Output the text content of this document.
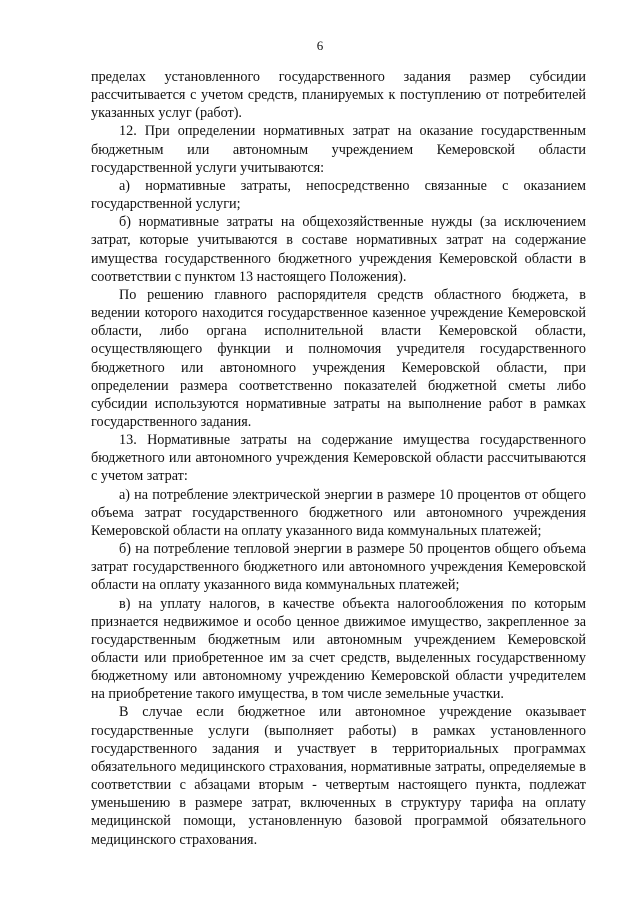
6

пределах установленного государственного задания размер субсидии рассчитывается с учетом средств, планируемых к поступлению от потребителей указанных услуг (работ).

12. При определении нормативных затрат на оказание государственным бюджетным или автономным учреждением Кемеровской области государственной услуги учитываются:

а) нормативные затраты, непосредственно связанные с оказанием государственной услуги;

б) нормативные затраты на общехозяйственные нужды (за исключением затрат, которые учитываются в составе нормативных затрат на содержание имущества государственного бюджетного учреждения Кемеровской области в соответствии с пунктом 13 настоящего Положения).

По решению главного распорядителя средств областного бюджета, в ведении которого находится государственное казенное учреждение Кемеровской области, либо органа исполнительной власти Кемеровской области, осуществляющего функции и полномочия учредителя государственного бюджетного или автономного учреждения Кемеровской области, при определении размера соответственно показателей бюджетной сметы либо субсидии используются нормативные затраты на выполнение работ в рамках государственного задания.

13. Нормативные затраты на содержание имущества государственного бюджетного или автономного учреждения Кемеровской области рассчитываются с учетом затрат:

а) на потребление электрической энергии в размере 10 процентов от общего объема затрат государственного бюджетного или автономного учреждения Кемеровской области на оплату указанного вида коммунальных платежей;

б) на потребление тепловой энергии в размере 50 процентов общего объема затрат государственного бюджетного или автономного учреждения Кемеровской области на оплату указанного вида коммунальных платежей;

в) на уплату налогов, в качестве объекта налогообложения по которым признается недвижимое и особо ценное движимое имущество, закрепленное за государственным бюджетным или автономным учреждением Кемеровской области или приобретенное им за счет средств, выделенных государственному бюджетному или автономному учреждению Кемеровской области учредителем на приобретение такого имущества, в том числе земельные участки.

В случае если бюджетное или автономное учреждение оказывает государственные услуги (выполняет работы) в рамках установленного государственного задания и участвует в территориальных программах обязательного медицинского страхования, нормативные затраты, определяемые в соответствии с абзацами вторым - четвертым настоящего пункта, подлежат уменьшению в размере затрат, включенных в структуру тарифа на оплату медицинской помощи, установленную базовой программой обязательного медицинского страхования.
